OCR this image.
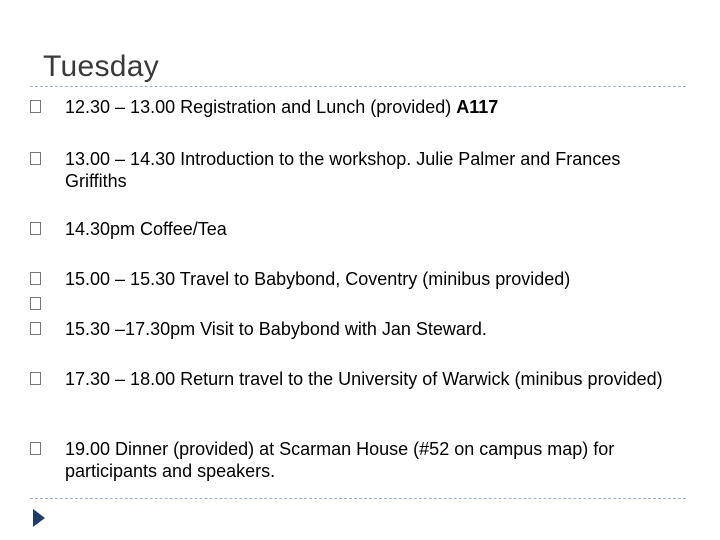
Tuesday
12.30 – 13.00 Registration and Lunch (provided) A117
13.00 – 14.30 Introduction to the workshop. Julie Palmer and Frances Griffiths
14.30pm Coffee/Tea
15.00 – 15.30 Travel to Babybond, Coventry (minibus provided)
15.30 –17.30pm Visit to Babybond with Jan Steward.
17.30 – 18.00 Return travel to the University of Warwick (minibus provided)
19.00 Dinner (provided) at Scarman House (#52 on campus map) for participants and speakers.
